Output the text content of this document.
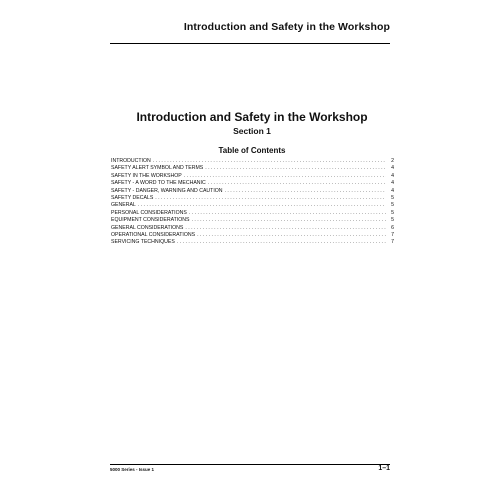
Introduction and Safety in the Workshop
Introduction and Safety in the Workshop
Section 1
Table of Contents
INTRODUCTION . . .	2
SAFETY ALERT SYMBOL AND TERMS . . .	4
SAFETY IN THE WORKSHOP . . .	4
SAFETY - A WORD TO THE MECHANIC . . .	4
SAFETY - DANGER, WARNING AND CAUTION . . .	4
SAFETY DECALS . . .	5
GENERAL . . .	5
PERSONAL CONSIDERATIONS . . .	5
EQUIPMENT CONSIDERATIONS . . .	5
GENERAL CONSIDERATIONS . . .	6
OPERATIONAL CONSIDERATIONS . . .	7
SERVICING TECHNIQUES . . .	7
5000 Series - Issue 1	1–1
